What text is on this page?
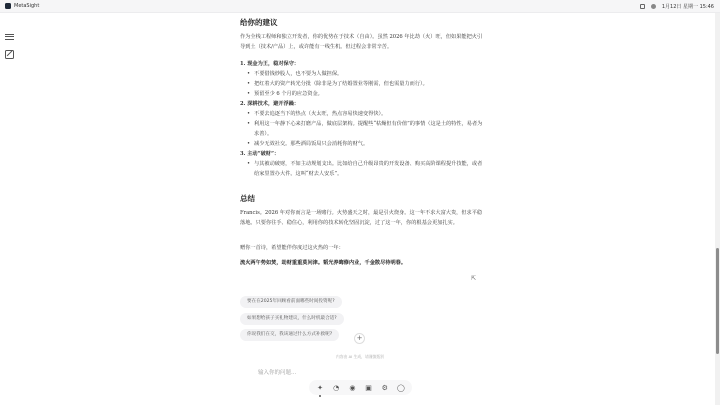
MetaSight	1月12日 星期一 15:46
给你的建议

作为全栈工程师和独立开发者，你的优势在于技术（自由）。虽然 2026 年比劫（火）旺，但如果能把火引导到土（技术/产品）上，或许能有一线生机。但过程会非常辛苦。

1. 现金为王，稳对保守：
• 不要借钱炒股人，也不要为人做担保。
• 把红着大的资产转光分批（除非是为了结婚置业等刚需，但也需量力而行）。
• 预留至少 6 个月的应急资金。
2. 深耕技术，避开浮躁：
• 不要去追逐当下的热点（火太旺，热点容易快速变得快）。
• 利用这一年静下心来打磨产品，做底层架构。提醒些“枯燥但有价值”的事情（这是土的特性，易者为求善）。
• 减少无效社交。那些酒局饭局只会消耗你的财气。
3. 主动“破财”：
• 与其被动破财，不如主动规划支出。比如给自己升级昂贵的开发设备、购买高阶课程提升技能，或者给家里置办大件。这叫“财去人安乐”。
总结

Francis。2026 年对你而言是一场赌行。火势盛天之时，最是引火烧身。这一年不求大富大贵，但求平稳落地。只要你往手、稳住心，利用你的技术转化坚固沉淀，过了这一年，你的根基会更加扎实。

赠你一首诗，希望能伴你度过这火热的一年：

流火两午势如焚，劫财重重莫问津。韬光养晦修内业，千金散尽待明春。

⇱
要在在2025年回顾看前面哪些时间投资呢?
如果想给孩子买礼物建议，什么时机最合适?
你说我们在交，我该通过什么方式补救呢?	+
内容由 AI 生成，请谨慎甄别
输入你的问题...
✦ ◔ ◉ ▣ ⚙ ◯
